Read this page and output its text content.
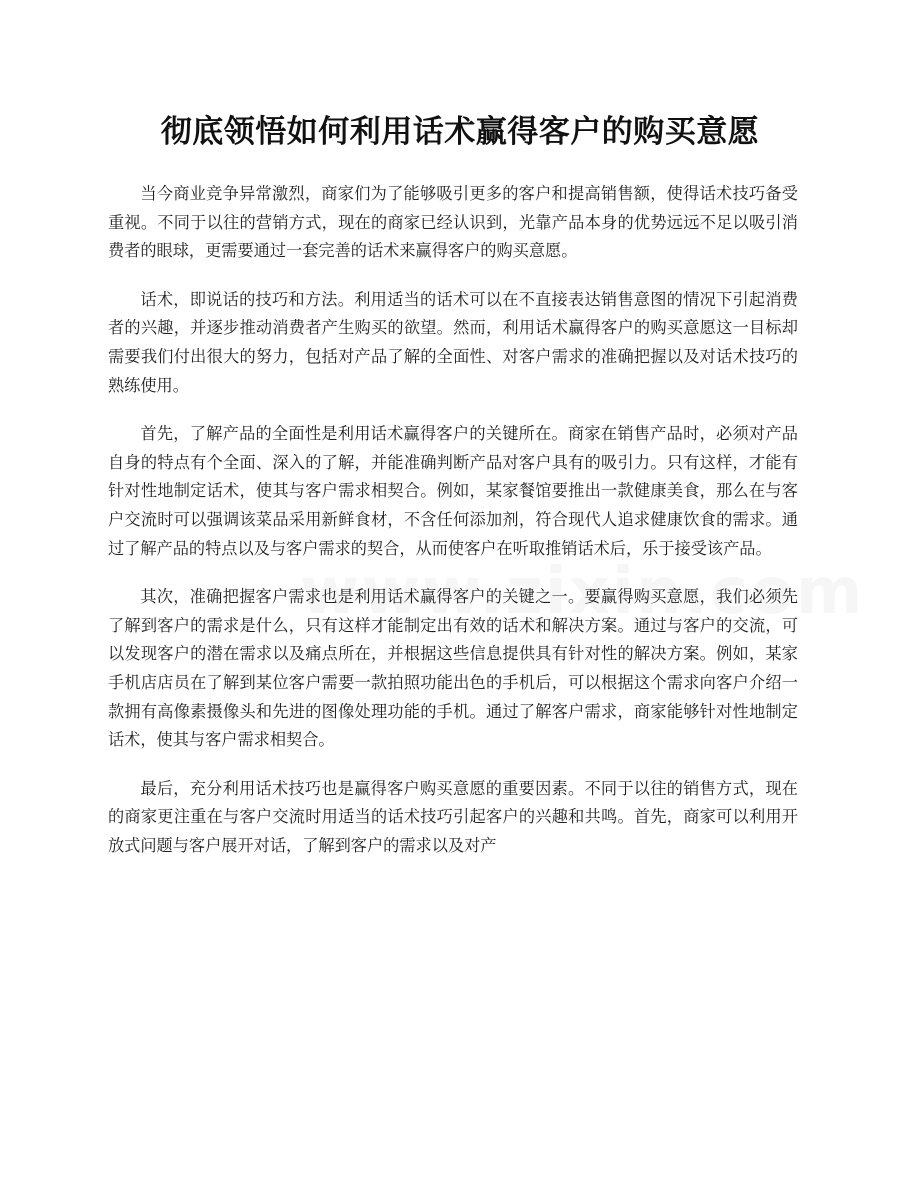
彻底领悟如何利用话术赢得客户的购买意愿

当今商业竞争异常激烈，商家们为了能够吸引更多的客户和提高销售额，使得话术技巧备受重视。不同于以往的营销方式，现在的商家已经认识到，光靠产品本身的优势远远不足以吸引消费者的眼球，更需要通过一套完善的话术来赢得客户的购买意愿。

话术，即说话的技巧和方法。利用适当的话术可以在不直接表达销售意图的情况下引起消费者的兴趣，并逐步推动消费者产生购买的欲望。然而，利用话术赢得客户的购买意愿这一目标却需要我们付出很大的努力，包括对产品了解的全面性、对客户需求的准确把握以及对话术技巧的熟练使用。

首先，了解产品的全面性是利用话术赢得客户的关键所在。商家在销售产品时，必须对产品自身的特点有个全面、深入的了解，并能准确判断产品对客户具有的吸引力。只有这样，才能有针对性地制定话术，使其与客户需求相契合。例如，某家餐馆要推出一款健康美食，那么在与客户交流时可以强调该菜品采用新鲜食材，不含任何添加剂，符合现代人追求健康饮食的需求。通过了解产品的特点以及与客户需求的契合，从而使客户在听取推销话术后，乐于接受该产品。

其次，准确把握客户需求也是利用话术赢得客户的关键之一。要赢得购买意愿，我们必须先了解到客户的需求是什么，只有这样才能制定出有效的话术和解决方案。通过与客户的交流，可以发现客户的潜在需求以及痛点所在，并根据这些信息提供具有针对性的解决方案。例如，某家手机店店员在了解到某位客户需要一款拍照功能出色的手机后，可以根据这个需求向客户介绍一款拥有高像素摄像头和先进的图像处理功能的手机。通过了解客户需求，商家能够针对性地制定话术，使其与客户需求相契合。

最后，充分利用话术技巧也是赢得客户购买意愿的重要因素。不同于以往的销售方式，现在的商家更注重在与客户交流时用适当的话术技巧引起客户的兴趣和共鸣。首先，商家可以利用开放式问题与客户展开对话，了解到客户的需求以及对产
